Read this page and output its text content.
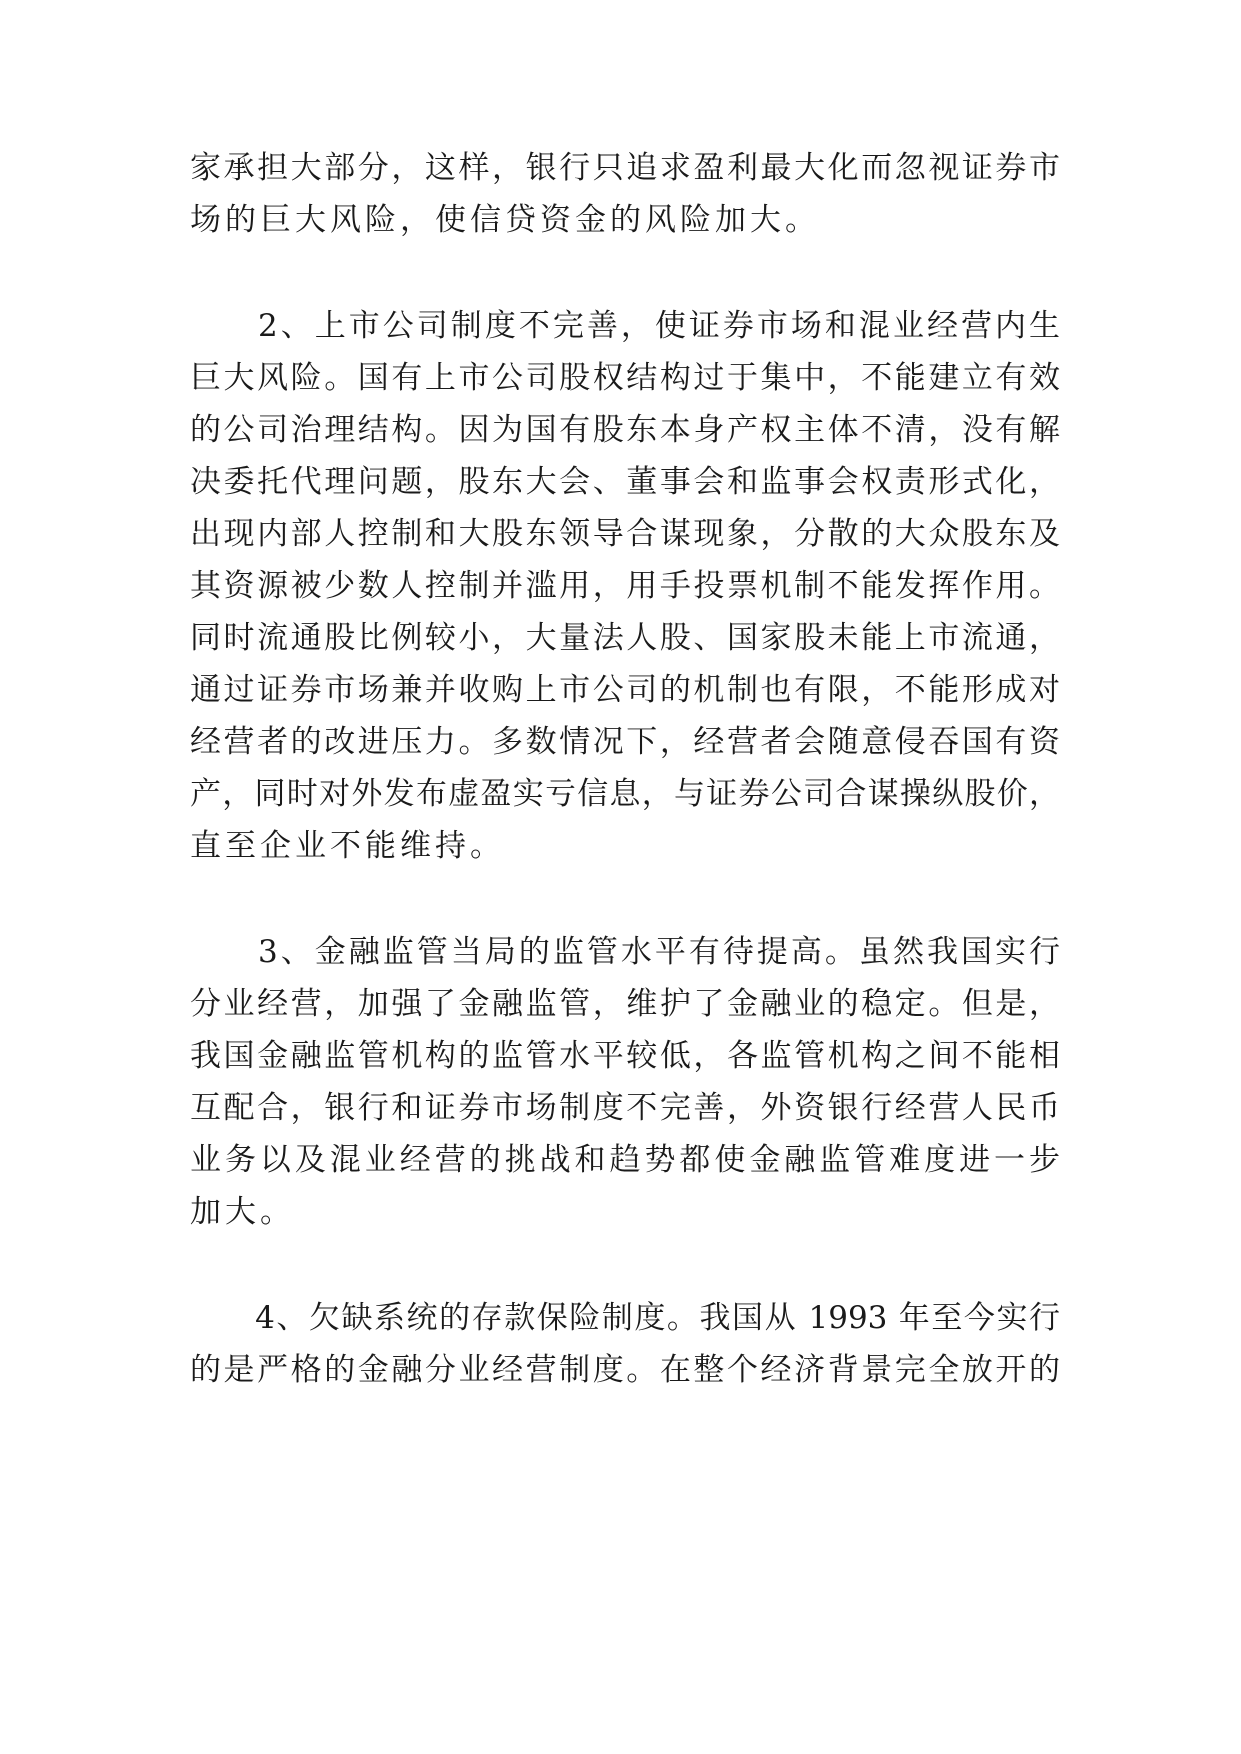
家承担大部分，这样，银行只追求盈利最大化而忽视证券市
场的巨大风险，使信贷资金的风险加大。
　　2、上市公司制度不完善，使证券市场和混业经营内生
巨大风险。国有上市公司股权结构过于集中，不能建立有效
的公司治理结构。因为国有股东本身产权主体不清，没有解
决委托代理问题，股东大会、董事会和监事会权责形式化，
出现内部人控制和大股东领导合谋现象，分散的大众股东及
其资源被少数人控制并滥用，用手投票机制不能发挥作用。
同时流通股比例较小，大量法人股、国家股未能上市流通，
通过证券市场兼并收购上市公司的机制也有限，不能形成对
经营者的改进压力。多数情况下，经营者会随意侵吞国有资
产，同时对外发布虚盈实亏信息，与证券公司合谋操纵股价，
直至企业不能维持。
　　3、金融监管当局的监管水平有待提高。虽然我国实行
分业经营，加强了金融监管，维护了金融业的稳定。但是，
我国金融监管机构的监管水平较低，各监管机构之间不能相
互配合，银行和证券市场制度不完善，外资银行经营人民币
业务以及混业经营的挑战和趋势都使金融监管难度进一步
加大。
　　4、欠缺系统的存款保险制度。我国从 1993 年至今实行
的是严格的金融分业经营制度。在整个经济背景完全放开的
